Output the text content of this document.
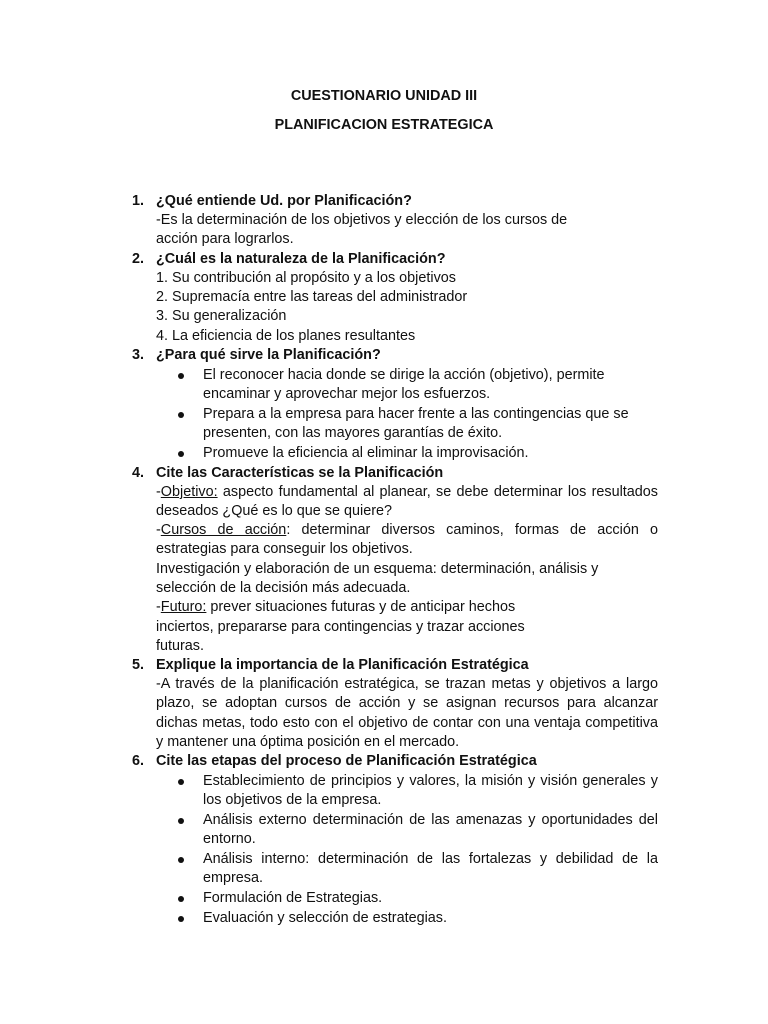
CUESTIONARIO UNIDAD III
PLANIFICACION ESTRATEGICA
1. ¿Qué entiende Ud. por Planificación?
-Es la determinación de los objetivos y elección de los cursos de acción para lograrlos.
2. ¿Cuál es la naturaleza de la Planificación?
1. Su contribución al propósito y a los objetivos
2. Supremacía entre las tareas del administrador
3. Su generalización
4. La eficiencia de los planes resultantes
3. ¿Para qué sirve la Planificación?
El reconocer hacia donde se dirige la acción (objetivo), permite encaminar y aprovechar mejor los esfuerzos.
Prepara a la empresa para hacer frente a las contingencias que se presenten, con las mayores garantías de éxito.
Promueve la eficiencia al eliminar la improvisación.
4. Cite las Características se la Planificación
-Objetivo: aspecto fundamental al planear, se debe determinar los resultados deseados ¿Qué es lo que se quiere?
-Cursos de acción: determinar diversos caminos, formas de acción o estrategias para conseguir los objetivos.
Investigación y elaboración de un esquema: determinación, análisis y selección de la decisión más adecuada.
-Futuro: prever situaciones futuras y de anticipar hechos
inciertos, prepararse para contingencias y trazar acciones
futuras.
5. Explique la importancia de la Planificación Estratégica
-A través de la planificación estratégica, se trazan metas y objetivos a largo plazo, se adoptan cursos de acción y se asignan recursos para alcanzar dichas metas, todo esto con el objetivo de contar con una ventaja competitiva y mantener una óptima posición en el mercado.
6. Cite las etapas del proceso de Planificación Estratégica
Establecimiento de principios y valores, la misión y visión generales y los objetivos de la empresa.
Análisis externo determinación de las amenazas y oportunidades del entorno.
Análisis interno: determinación de las fortalezas y debilidad de la empresa.
Formulación de Estrategias.
Evaluación y selección de estrategias.
